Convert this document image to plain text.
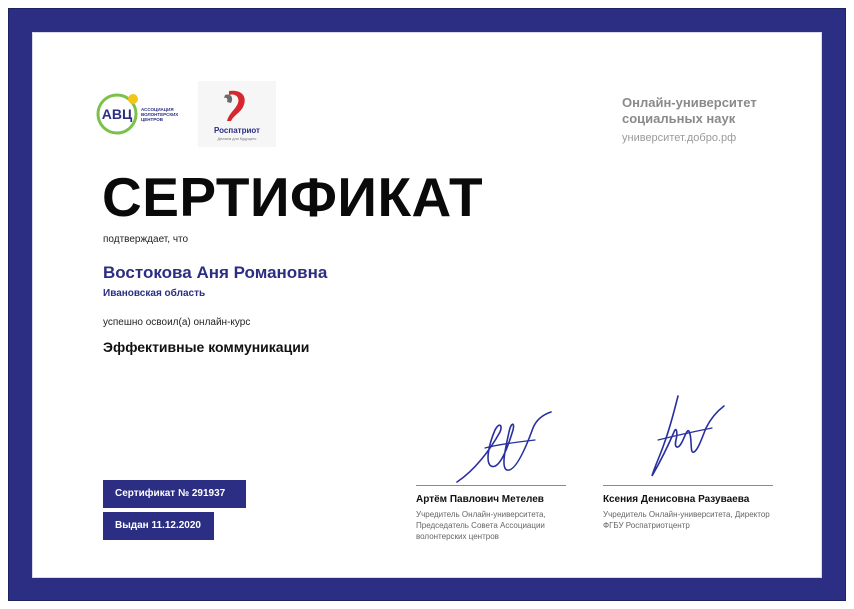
АВЦ АССОЦИАЦИЯ
ВОЛОНТЕРСКИХ
ЦЕНТРОВ
Роспатриот
Делаем для будущего
Онлайн-университет социальных наук
университет.добро.рф
СЕРТИФИКАТ
подтверждает, что
Востокова Аня Романовна
Ивановская область
успешно освоил(а) онлайн-курс
Эффективные коммуникации
Сертификат № 291937
Выдан 11.12.2020
Артём Павлович Метелев
Учредитель Онлайн-университета, Председатель Совета Ассоциации волонтерских центров
Ксения Денисовна Разуваева
Учредитель Онлайн-университета, Директор ФГБУ Роспатриотцентр
